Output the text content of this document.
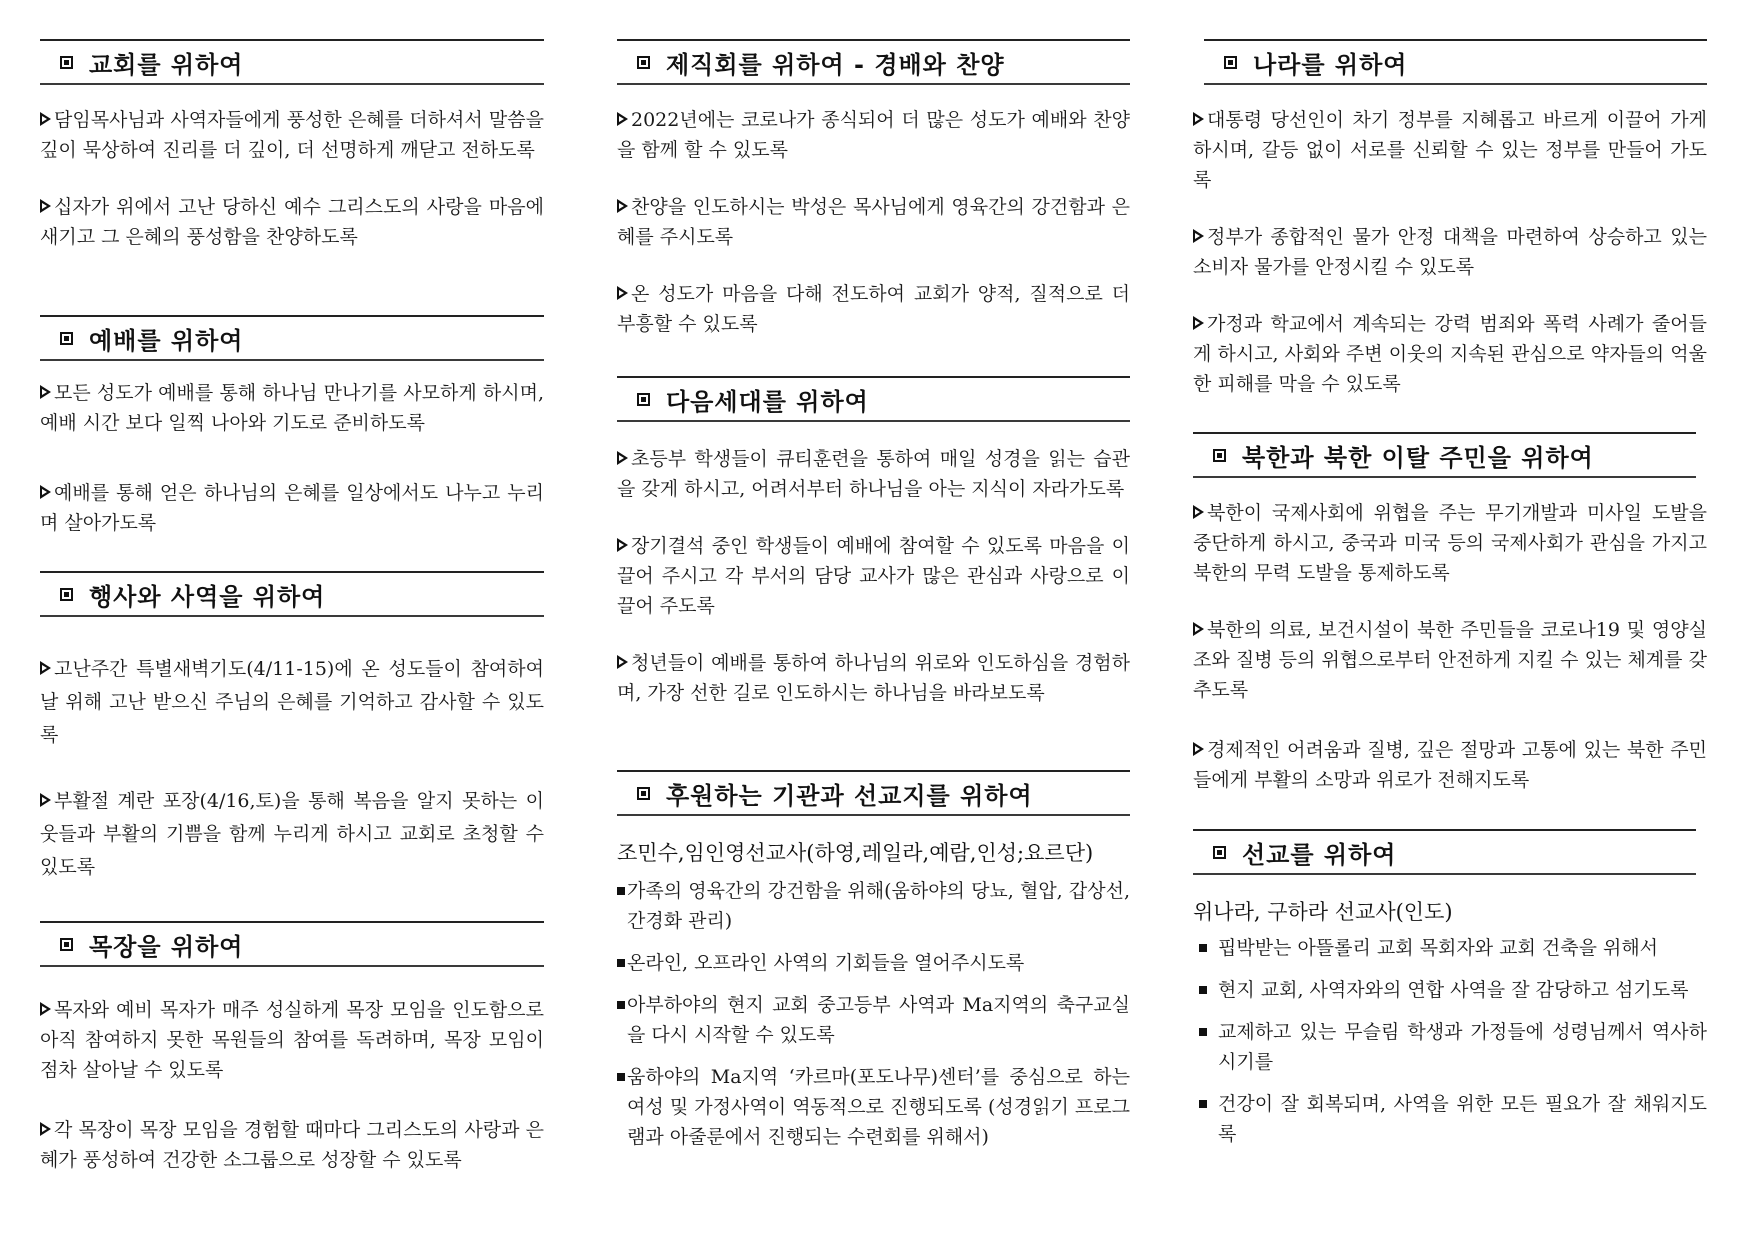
교회를 위하여

담임목사님과 사역자들에게 풍성한 은혜를 더하셔서 말씀을 깊이 묵상하여 진리를 더 깊이, 더 선명하게 깨닫고 전하도록

십자가 위에서 고난 당하신 예수 그리스도의 사랑을 마음에 새기고 그 은혜의 풍성함을 찬양하도록

예배를 위하여

모든 성도가 예배를 통해 하나님 만나기를 사모하게 하시며, 예배 시간 보다 일찍 나아와 기도로 준비하도록

예배를 통해 얻은 하나님의 은혜를 일상에서도 나누고 누리며 살아가도록

행사와 사역을 위하여

고난주간 특별새벽기도(4/11-15)에 온 성도들이 참여하여 날 위해 고난 받으신 주님의 은혜를 기억하고 감사할 수 있도록

부활절 계란 포장(4/16,토)을 통해 복음을 알지 못하는 이웃들과 부활의 기쁨을 함께 누리게 하시고 교회로 초청할 수 있도록

목장을 위하여

목자와 예비 목자가 매주 성실하게 목장 모임을 인도함으로 아직 참여하지 못한 목원들의 참여를 독려하며, 목장 모임이 점차 살아날 수 있도록

각 목장이 목장 모임을 경험할 때마다 그리스도의 사랑과 은혜가 풍성하여 건강한 소그룹으로 성장할 수 있도록

제직회를 위하여 - 경배와 찬양

2022년에는 코로나가 종식되어 더 많은 성도가 예배와 찬양을 함께 할 수 있도록

찬양을 인도하시는 박성은 목사님에게 영육간의 강건함과 은혜를 주시도록

온 성도가 마음을 다해 전도하여 교회가 양적, 질적으로 더 부흥할 수 있도록

다음세대를 위하여

초등부 학생들이 큐티훈련을 통하여 매일 성경을 읽는 습관을 갖게 하시고, 어려서부터 하나님을 아는 지식이 자라가도록

장기결석 중인 학생들이 예배에 참여할 수 있도록 마음을 이끌어 주시고 각 부서의 담당 교사가 많은 관심과 사랑으로 이끌어 주도록

청년들이 예배를 통하여 하나님의 위로와 인도하심을 경험하며, 가장 선한 길로 인도하시는 하나님을 바라보도록

후원하는 기관과 선교지를 위하여
조민수,임인영선교사(하영,레일라,예람,인성;요르단)
가족의 영육간의 강건함을 위해(움하야의 당뇨, 혈압, 갑상선, 간경화 관리)
온라인, 오프라인 사역의 기회들을 열어주시도록
아부하야의 현지 교회 중고등부 사역과 Ma지역의 축구교실을 다시 시작할 수 있도록
움하야의 Ma지역 ‘카르마(포도나무)센터’를 중심으로 하는 여성 및 가정사역이 역동적으로 진행되도록 (성경읽기 프로그램과 아줄룬에서 진행되는 수련회를 위해서)
나라를 위하여

대통령 당선인이 차기 정부를 지혜롭고 바르게 이끌어 가게 하시며, 갈등 없이 서로를 신뢰할 수 있는 정부를 만들어 가도록

정부가 종합적인 물가 안정 대책을 마련하여 상승하고 있는 소비자 물가를 안정시킬 수 있도록

가정과 학교에서 계속되는 강력 범죄와 폭력 사례가 줄어들게 하시고, 사회와 주변 이웃의 지속된 관심으로 약자들의 억울한 피해를 막을 수 있도록

북한과 북한 이탈 주민을 위하여

북한이 국제사회에 위협을 주는 무기개발과 미사일 도발을 중단하게 하시고, 중국과 미국 등의 국제사회가 관심을 가지고 북한의 무력 도발을 통제하도록

북한의 의료, 보건시설이 북한 주민들을 코로나19 및 영양실조와 질병 등의 위협으로부터 안전하게 지킬 수 있는 체계를 갖추도록

경제적인 어려움과 질병, 깊은 절망과 고통에 있는 북한 주민들에게 부활의 소망과 위로가 전해지도록

선교를 위하여
위나라, 구하라 선교사(인도)
핍박받는 아뜰롤리 교회 목회자와 교회 건축을 위해서
현지 교회, 사역자와의 연합 사역을 잘 감당하고 섬기도록
교제하고 있는 무슬림 학생과 가정들에 성령님께서 역사하시기를
건강이 잘 회복되며, 사역을 위한 모든 필요가 잘 채워지도록
